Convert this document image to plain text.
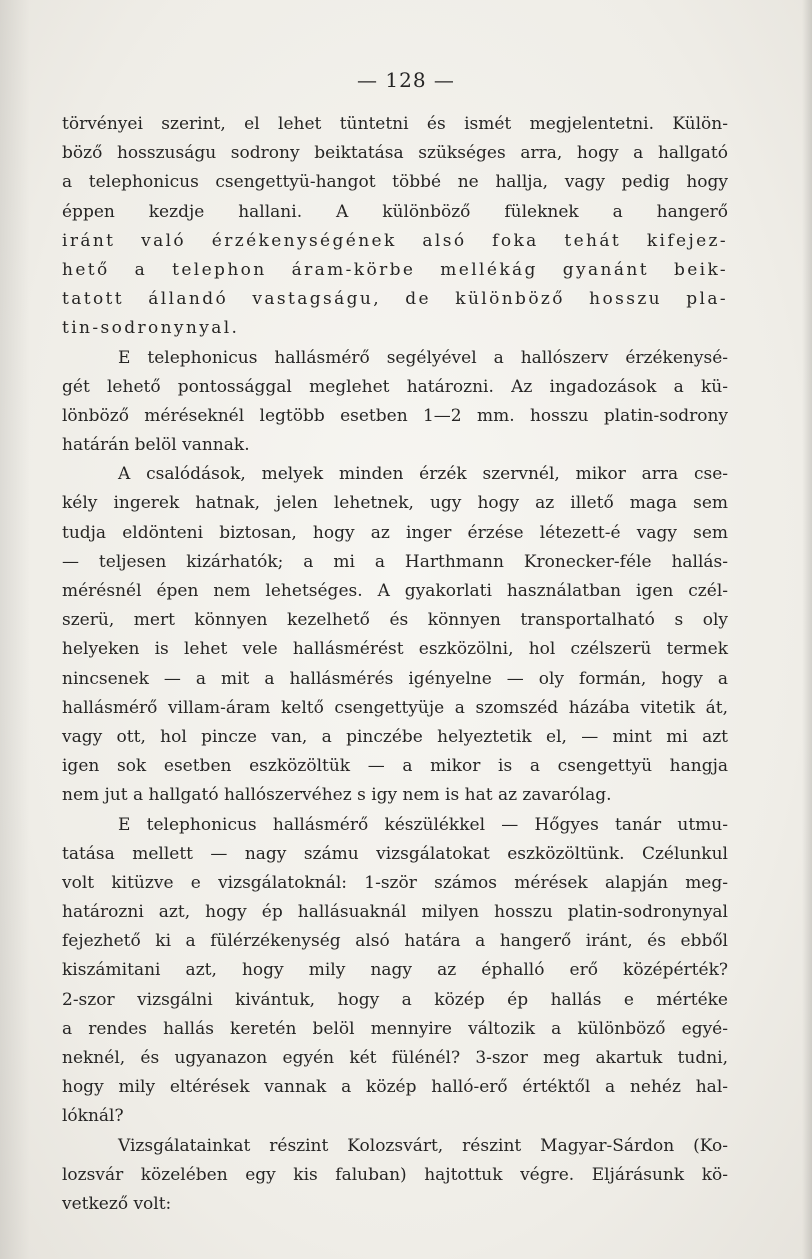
— 128 —
törvényei szerint, el lehet tüntetni és ismét megjelentetni. Külön-
böző hosszuságu sodrony beiktatása szükséges arra, hogy a hallgató
a telephonicus csengettyü-hangot többé ne hallja, vagy pedig hogy
éppen kezdje hallani. A különböző füleknek a hangerő
iránt való érzékenységének alsó foka tehát kifejez-
hető a telephon áram-körbe mellékág gyanánt beik-
tatott állandó vastagságu, de különböző hosszu pla-
tin-sodronynyal.
E telephonicus hallásmérő segélyével a hallószerv érzékenysé-
gét lehető pontossággal meglehet határozni. Az ingadozások a kü-
lönböző méréseknél legtöbb esetben 1—2 mm. hosszu platin-sodrony
határán belöl vannak.
A csalódások, melyek minden érzék szervnél, mikor arra cse-
kély ingerek hatnak, jelen lehetnek, ugy hogy az illető maga sem
tudja eldönteni biztosan, hogy az inger érzése létezett-é vagy sem
— teljesen kizárhatók; a mi a Harthmann Kronecker-féle hallás-
mérésnél épen nem lehetséges. A gyakorlati használatban igen czél-
szerü, mert könnyen kezelhető és könnyen transportalható s oly
helyeken is lehet vele hallásmérést eszközölni, hol czélszerü termek
nincsenek — a mit a hallásmérés igényelne — oly formán, hogy a
hallásmérő villam-áram keltő csengettyüje a szomszéd házába vitetik át,
vagy ott, hol pincze van, a pinczébe helyeztetik el, — mint mi azt
igen sok esetben eszközöltük — a mikor is a csengettyü hangja
nem jut a hallgató hallószervéhez s igy nem is hat az zavarólag.
E telephonicus hallásmérő készülékkel — Hőgyes tanár utmu-
tatása mellett — nagy számu vizsgálatokat eszközöltünk. Czélunkul
volt kitüzve e vizsgálatoknál: 1-ször számos mérések alapján meg-
határozni azt, hogy ép hallásuaknál milyen hosszu platin-sodronynyal
fejezhető ki a fülérzékenység alsó határa a hangerő iránt, és ebből
kiszámitani azt, hogy mily nagy az éphalló erő középérték?
2-szor vizsgálni kivántuk, hogy a közép ép hallás e mértéke
a rendes hallás keretén belöl mennyire változik a különböző egyé-
neknél, és ugyanazon egyén két fülénél? 3-szor meg akartuk tudni,
hogy mily eltérések vannak a közép halló-erő értéktől a nehéz hal-
lóknál?
Vizsgálatainkat részint Kolozsvárt, részint Magyar-Sárdon (Ko-
lozsvár közelében egy kis faluban) hajtottuk végre. Eljárásunk kö-
vetkező volt:
